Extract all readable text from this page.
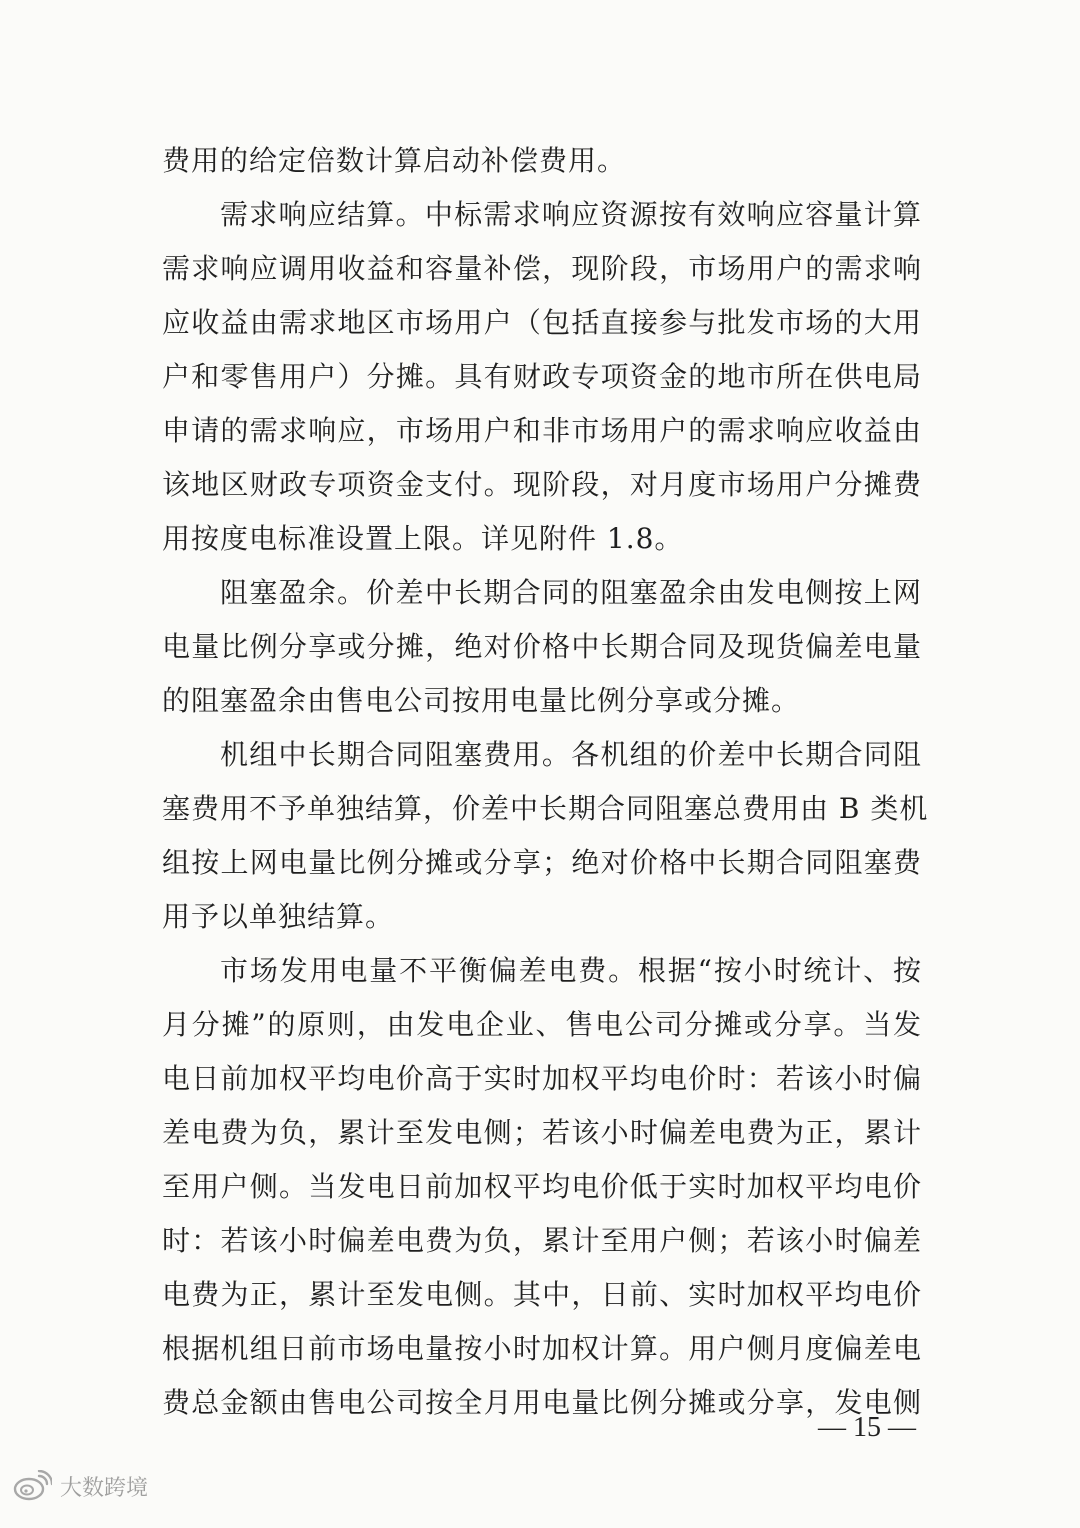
费用的给定倍数计算启动补偿费用。
需求响应结算。中标需求响应资源按有效响应容量计算
需求响应调用收益和容量补偿，现阶段，市场用户的需求响
应收益由需求地区市场用户（包括直接参与批发市场的大用
户和零售用户）分摊。具有财政专项资金的地市所在供电局
申请的需求响应，市场用户和非市场用户的需求响应收益由
该地区财政专项资金支付。现阶段，对月度市场用户分摊费
用按度电标准设置上限。详见附件 1.8。
阻塞盈余。价差中长期合同的阻塞盈余由发电侧按上网
电量比例分享或分摊，绝对价格中长期合同及现货偏差电量
的阻塞盈余由售电公司按用电量比例分享或分摊。
机组中长期合同阻塞费用。各机组的价差中长期合同阻
塞费用不予单独结算，价差中长期合同阻塞总费用由 B 类机
组按上网电量比例分摊或分享；绝对价格中长期合同阻塞费
用予以单独结算。
市场发用电量不平衡偏差电费。根据“按小时统计、按
月分摊”的原则，由发电企业、售电公司分摊或分享。当发
电日前加权平均电价高于实时加权平均电价时：若该小时偏
差电费为负，累计至发电侧；若该小时偏差电费为正，累计
至用户侧。当发电日前加权平均电价低于实时加权平均电价
时：若该小时偏差电费为负，累计至用户侧；若该小时偏差
电费为正，累计至发电侧。其中，日前、实时加权平均电价
根据机组日前市场电量按小时加权计算。用户侧月度偏差电
费总金额由售电公司按全月用电量比例分摊或分享，发电侧
— 15 —
大数跨境
